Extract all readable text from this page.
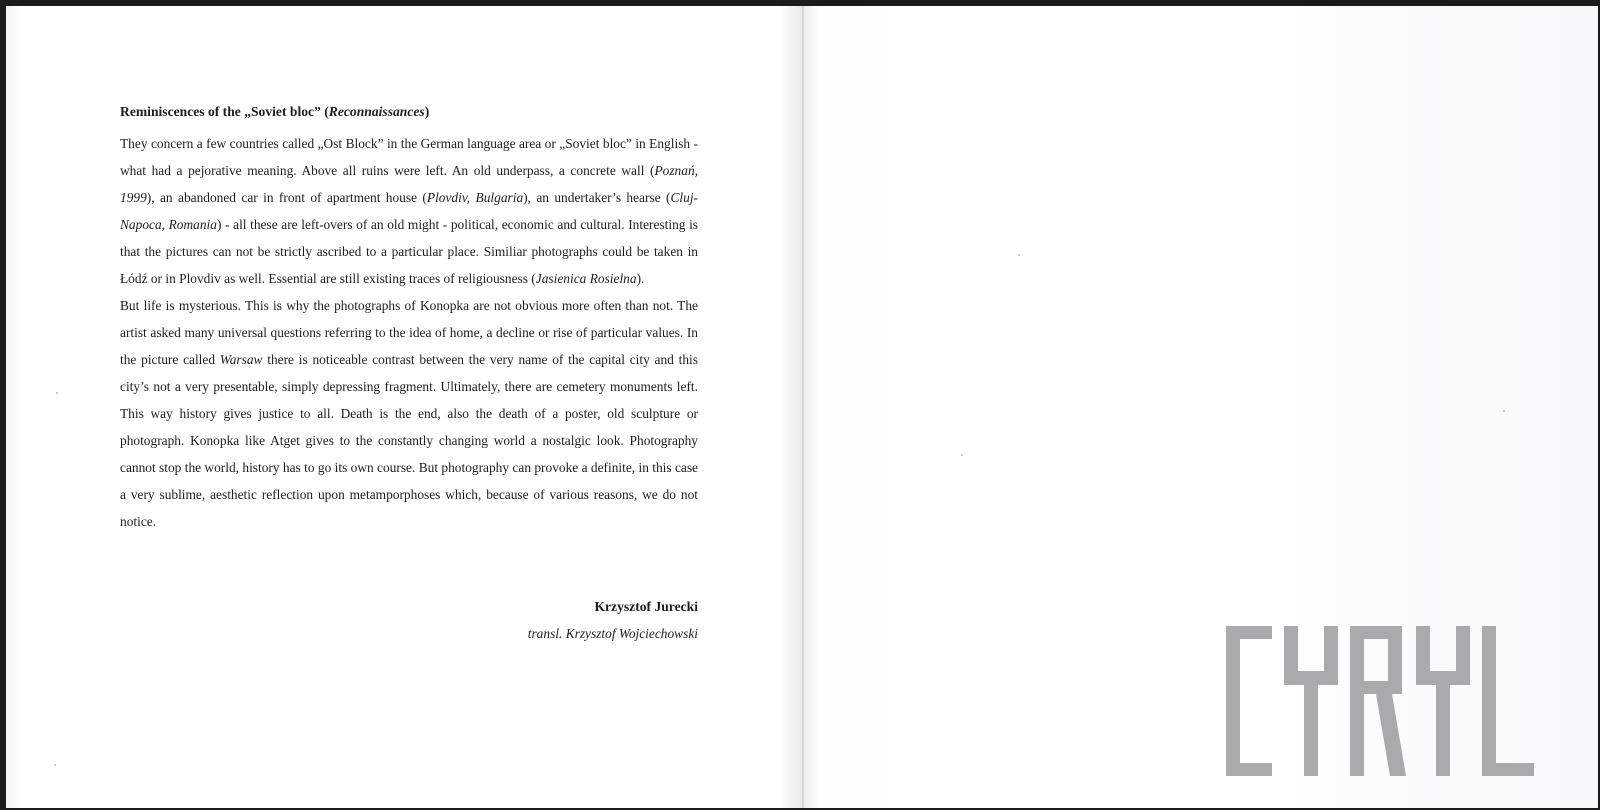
Reminiscences of the „Soviet bloc” (Reconnaissances)

They concern a few countries called „Ost Block” in the German language area or „Soviet bloc” in English - what had a pejorative meaning. Above all ruins were left. An old underpass, a concrete wall (Poznań, 1999), an abandoned car in front of apartment house (Plovdiv, Bulgaria), an undertaker’s hearse (Cluj-Napoca, Romania) - all these are left-overs of an old might - political, economic and cultural. Interesting is that the pictures can not be strictly ascribed to a particular place. Similiar photographs could be taken in Łódź or in Plovdiv as well. Essential are still existing traces of religiousness (Jasienica Rosielna).

But life is mysterious. This is why the photographs of Konopka are not obvious more often than not. The artist asked many universal questions referring to the idea of home, a decline or rise of particular values. In the picture called Warsaw there is noticeable contrast between the very name of the capital city and this city’s not a very presentable, simply depressing fragment. Ultimately, there are cemetery monuments left. This way history gives justice to all. Death is the end, also the death of a poster, old sculpture or photograph. Konopka like Atget gives to the constantly changing world a nostalgic look. Photography cannot stop the world, history has to go its own course. But photography can provoke a definite, in this case a very sublime, aesthetic reflection upon metamporphoses which, because of various reasons, we do not notice.

Krzysztof Jurecki
transl. Krzysztof Wojciechowski
